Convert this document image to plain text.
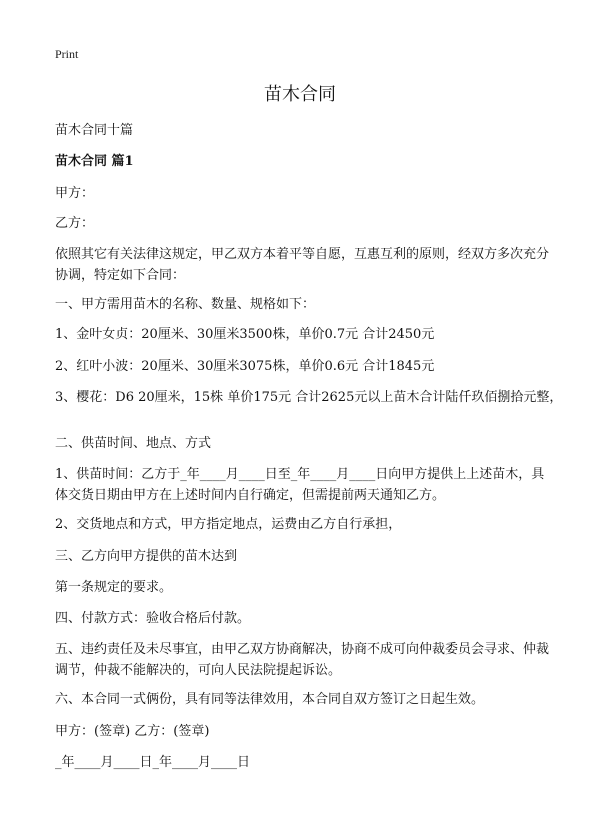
Print
苗木合同
苗木合同十篇
苗木合同 篇1
甲方：
乙方：
依照其它有关法律这规定，甲乙双方本着平等自愿，互惠互利的原则，经双方多次充分协调，特定如下合同：
一、甲方需用苗木的名称、数量、规格如下：
1、金叶女贞：20厘米、30厘米3500株，单价0.7元 合计2450元
2、红叶小波：20厘米、30厘米3075株，单价0.6元 合计1845元
3、樱花：D6 20厘米，15株 单价175元 合计2625元以上苗木合计陆仟玖佰捌拾元整，
二、供苗时间、地点、方式
1、供苗时间：乙方于_年____月____日至_年____月____日向甲方提供上上述苗木，具体交货日期由甲方在上述时间内自行确定，但需提前两天通知乙方。
2、交货地点和方式，甲方指定地点，运费由乙方自行承担，
三、乙方向甲方提供的苗木达到
第一条规定的要求。
四、付款方式：验收合格后付款。
五、违约责任及未尽事宜，由甲乙双方协商解决，协商不成可向仲裁委员会寻求、仲裁调节，仲裁不能解决的，可向人民法院提起诉讼。
六、本合同一式俩份，具有同等法律效用，本合同自双方签订之日起生效。
甲方：(签章) 乙方：(签章)
_年____月____日_年____月____日
